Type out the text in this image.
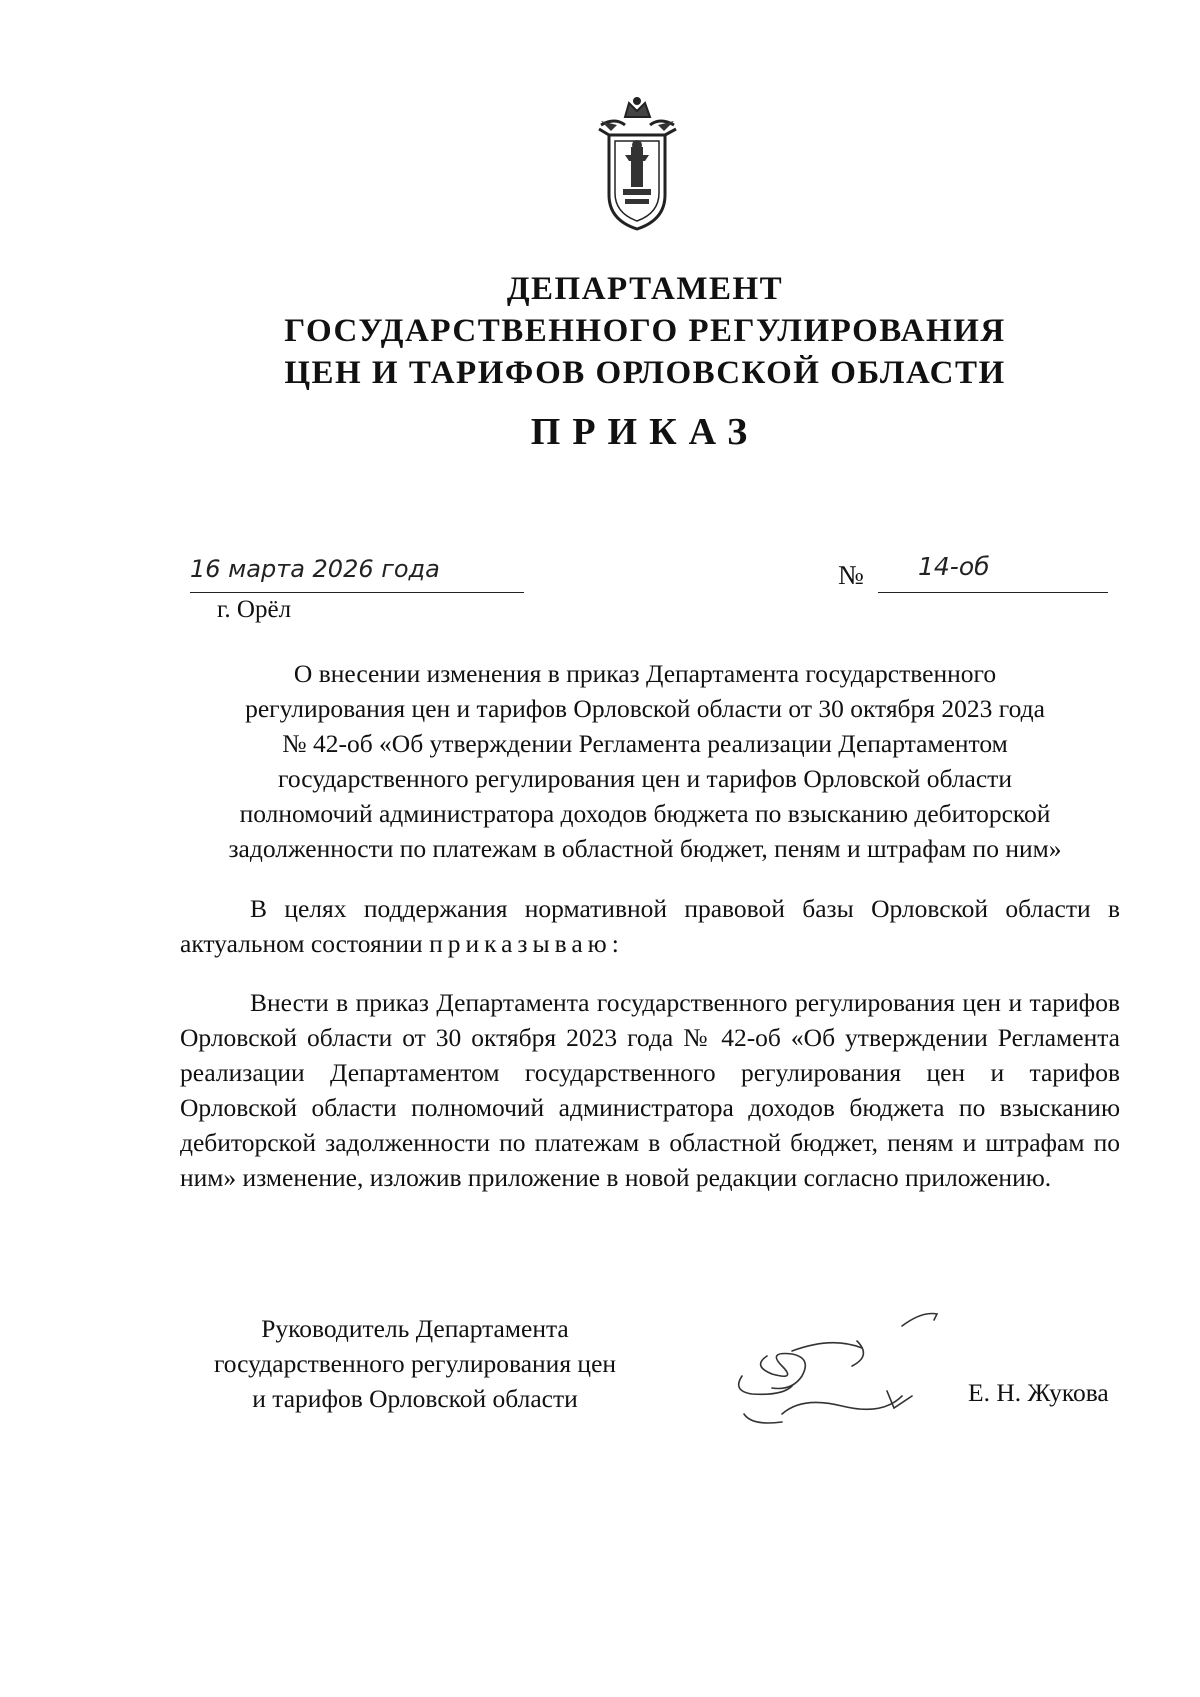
ДЕПАРТАМЕНТ
ГОСУДАРСТВЕННОГО РЕГУЛИРОВАНИЯ
ЦЕН И ТАРИФОВ ОРЛОВСКОЙ ОБЛАСТИ
ПРИКАЗ
16 марта 2026 года
г. Орёл
№ 14-об
О внесении изменения в приказ Департамента государственного
регулирования цен и тарифов Орловской области от 30 октября 2023 года
№ 42-об «Об утверждении Регламента реализации Департаментом
государственного регулирования цен и тарифов Орловской области
полномочий администратора доходов бюджета по взысканию дебиторской
задолженности по платежам в областной бюджет, пеням и штрафам по ним»
В целях поддержания нормативной правовой базы Орловской области в актуальном состоянии приказываю:
Внести в приказ Департамента государственного регулирования цен и тарифов Орловской области от 30 октября 2023 года № 42-об «Об утверждении Регламента реализации Департаментом государственного регулирования цен и тарифов Орловской области полномочий администратора доходов бюджета по взысканию дебиторской задолженности по платежам в областной бюджет, пеням и штрафам по ним» изменение, изложив приложение в новой редакции согласно приложению.
Руководитель Департамента
государственного регулирования цен
и тарифов Орловской области	Е. Н. Жукова
